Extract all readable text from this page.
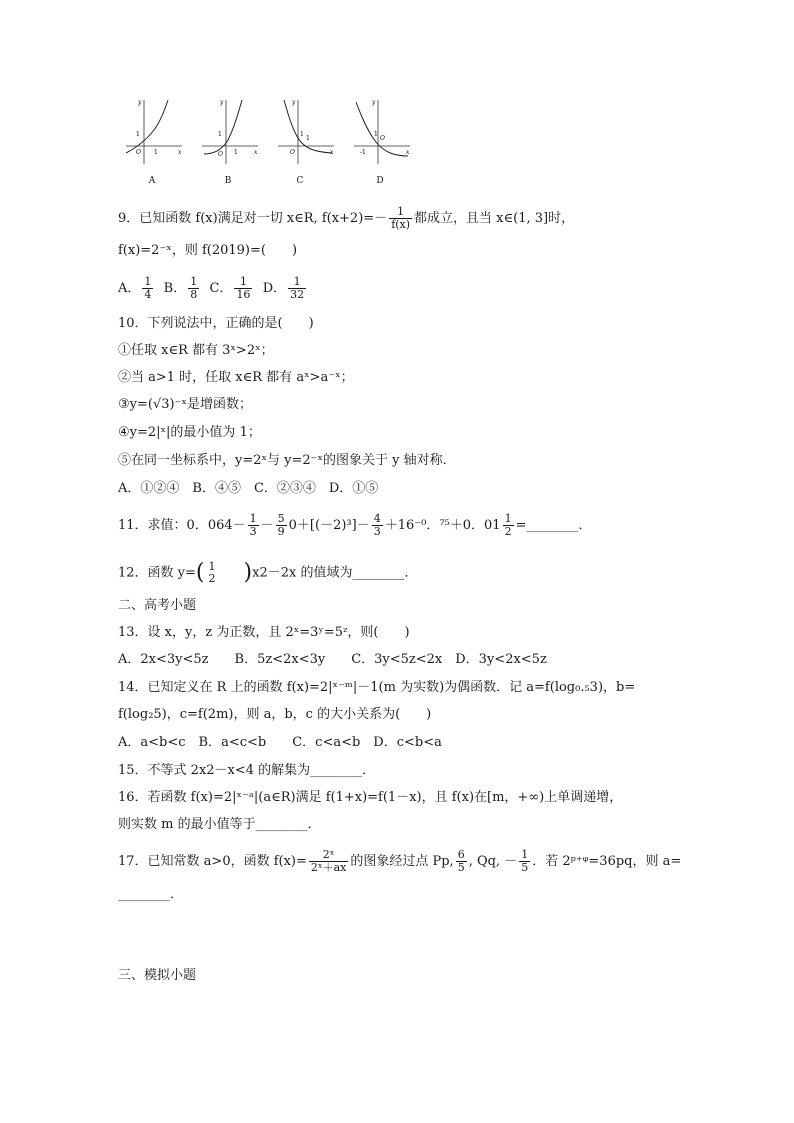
y
x
O
1
1
A
y
x
O
1
1
B
y
x
O
1
1
C
y
x
O
1
-1
D
9．已知函数 f(x)满足对一切 x∈R, $f(x+2)=- \frac{1}{f(x)}$ 都成立，且当 x∈(1, 3]时，
f(x)=2⁻ˣ，则 f(2019)=(　　)
A． $\frac{1}{4}$ B． $\frac{1}{8}$ C． $\frac{1}{16}$ D． $\frac{1}{32}$
10．下列说法中，正确的是(　　)
①任取 x∈R 都有 3ˣ>2ˣ；
②当 a>1 时，任取 x∈R 都有 aˣ>a⁻ˣ；
③y=(√3)⁻ˣ是增函数；
④y=2|ˣ|的最小值为 1；
⑤在同一坐标系中，y=2ˣ与 y=2⁻ˣ的图象关于 y 轴对称．
A．①②④　B．④⑤　C．②③④　D．①⑤
11．求值：0．$064- \frac{1}{3} - \frac{5}{9} 0+[(-2)^3]- \frac{4}{3} +16^{-0}$．⁷⁵＋0．$01 \frac{1}{2}$ =________．
12．函数 y=( 1
2 )x2－2x 的值域为________．
二、高考小题
13．设 x，y，z 为正数，且 2ˣ=3ʸ=5ᶻ，则(　　)
A．2x<3y<5z　　B．5z<2x<3y　　C．3y<5z<2x　D．3y<2x<5z
14．已知定义在 R 上的函数 f(x)=2|ˣ⁻ᵐ|－1(m 为实数)为偶函数．记 a=f(log₀.₅3)，b=
f(log₂5)，c=f(2m)，则 a，b，c 的大小关系为(　　)
A．a<b<c　B．a<c<b　　C．c<a<b　D．c<b<a
15．不等式 2x2－x<4 的解集为________．
16．若函数 f(x)=2|ˣ⁻ᵃ|(a∈R)满足 f(1+x)=f(1－x)，且 f(x)在[m，+∞)上单调递增，
则实数 m 的最小值等于________．
17．已知常数 a>0，函数 $f(x)= \frac{\text{2ˣ}}{\text{2ˣ＋ax}}$ 的图象经过点 Pp, $\frac{6}{5}$ , Qq, － $\frac{1}{5}$ ．若 2ᵖ⁺ᵠ=36pq，则 a=
________．
三、模拟小题
